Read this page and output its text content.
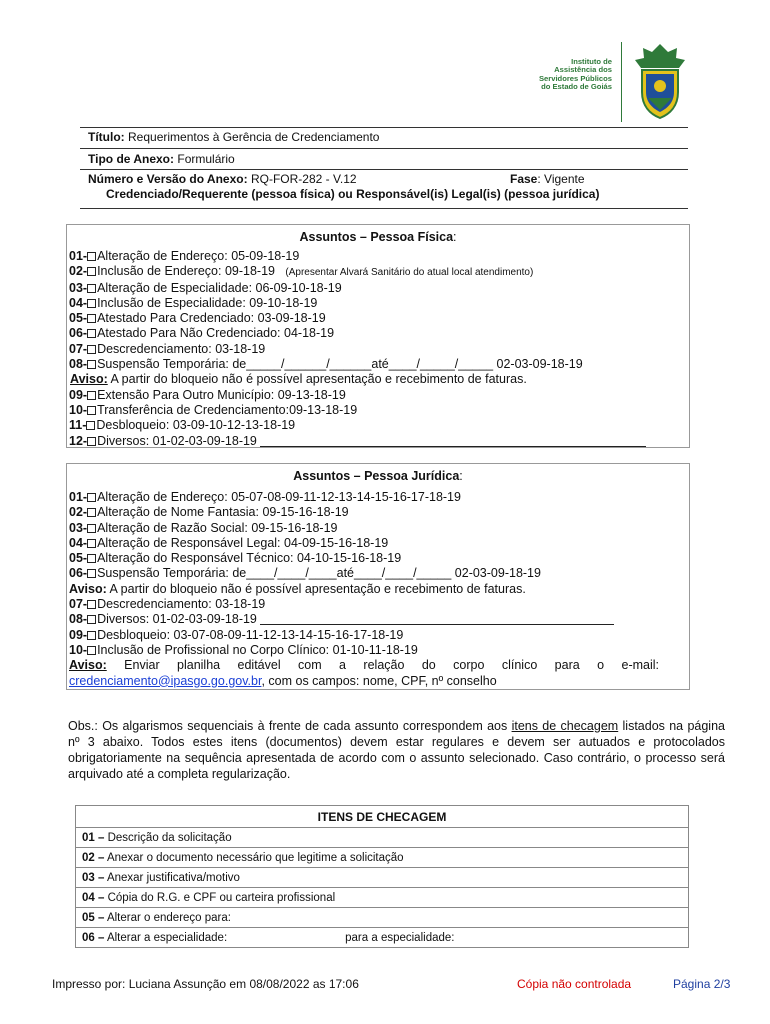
Instituto de
Assistência dos
Servidores Públicos
do Estado de Goiás
Título: Requerimentos à Gerência de Credenciamento
Tipo de Anexo: Formulário
Número e Versão do Anexo: RQ-FOR-282 - V.12	Fase: Vigente
Credenciado/Requerente (pessoa física) ou Responsável(is) Legal(is) (pessoa jurídica)
Assuntos – Pessoa Física:
01- Alteração de Endereço: 05-09-18-19
02- Inclusão de Endereço: 09-18-19 (Apresentar Alvará Sanitário do atual local atendimento)
03- Alteração de Especialidade: 06-09-10-18-19
04- Inclusão de Especialidade: 09-10-18-19
05- Atestado Para Credenciado: 03-09-18-19
06- Atestado Para Não Credenciado: 04-18-19
07- Descredenciamento: 03-18-19
08- Suspensão Temporária: de_____/______/______até____/_____/_____ 02-03-09-18-19
Aviso: A partir do bloqueio não é possível apresentação e recebimento de faturas.
09- Extensão Para Outro Município: 09-13-18-19
10- Transferência de Credenciamento:09-13-18-19
11- Desbloqueio: 03-09-10-12-13-18-19
12- Diversos: 01-02-03-09-18-19
Assuntos – Pessoa Jurídica:
01- Alteração de Endereço: 05-07-08-09-11-12-13-14-15-16-17-18-19
02- Alteração de Nome Fantasia: 09-15-16-18-19
03- Alteração de Razão Social: 09-15-16-18-19
04- Alteração de Responsável Legal: 04-09-15-16-18-19
05- Alteração do Responsável Técnico: 04-10-15-16-18-19
06- Suspensão Temporária: de____/____/____até____/____/_____ 02-03-09-18-19
Aviso: A partir do bloqueio não é possível apresentação e recebimento de faturas.
07- Descredenciamento: 03-18-19
08- Diversos: 01-02-03-09-18-19
09- Desbloqueio: 03-07-08-09-11-12-13-14-15-16-17-18-19
10- Inclusão de Profissional no Corpo Clínico: 01-10-11-18-19
Aviso: Enviar planilha editável com a relação do corpo clínico para o e-mail:
credenciamento@ipasgo.go.gov.br, com os campos: nome, CPF, nº conselho
Obs.: Os algarismos sequenciais à frente de cada assunto correspondem aos itens de checagem listados na página nº 3 abaixo. Todos estes itens (documentos) devem estar regulares e devem ser autuados e protocolados obrigatoriamente na sequência apresentada de acordo com o assunto selecionado. Caso contrário, o processo será arquivado até a completa regularização.
ITENS DE CHECAGEM
01 – Descrição da solicitação
02 – Anexar o documento necessário que legitime a solicitação
03 – Anexar justificativa/motivo
04 – Cópia do R.G. e CPF ou carteira profissional
05 – Alterar o endereço para:
06 – Alterar a especialidade:	para a especialidade:
Impresso por: Luciana Assunção em 08/08/2022 as 17:06	Cópia não controlada	Página 2/3
